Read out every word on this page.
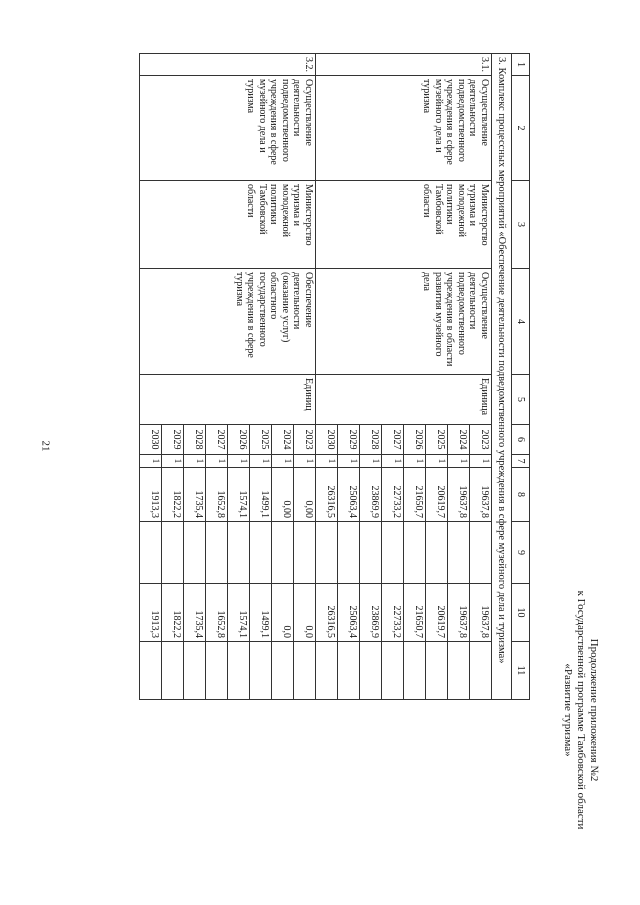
21
Продолжение приложения №2
к Государственной программе Тамбовской области
«Развитие туризма»
1	2	3	4	5	6	7	8	9	10	11
3. Комплекс процессных мероприятий «Обеспечение деятельности подведомственного учреждения в сфере музейного дела и туризма»										
3.1.	Осуществление деятельности подведомственного учреждения в сфере музейного дела и туризма	Министерство туризма и молодежной политики Тамбовской области	Осуществление деятельности подведомственного учреждения в области развития музейного дела	Единица	2023	1	19637,8		19637,8	
					2024	1	19637,8		19637,8	
					2025	1	20619,7		20619,7	
					2026	1	21650,7		21650,7	
					2027	1	22733,2		22733,2	
					2028	1	23869,9		23869,9	
					2029	1	25063,4		25063,4	
					2030	1	26316,5		26316,5	
3.2.	Осуществление деятельности подведомственного учреждения в сфере музейного дела и туризма	Министерство туризма и молодежной политики Тамбовской области	Обеспечение деятельности (оказание услуг) областного государственного учреждения в сфере туризма	Единиц	2023	1	0,00		0,0	
					2024	1	0,00		0,0	
					2025	1	1499,1		1499,1	
					2026	1	1574,1		1574,1	
					2027	1	1652,8		1652,8	
					2028	1	1735,4		1735,4	
					2029	1	1822,2		1822,2	
					2030	1	1913,3		1913,3	
